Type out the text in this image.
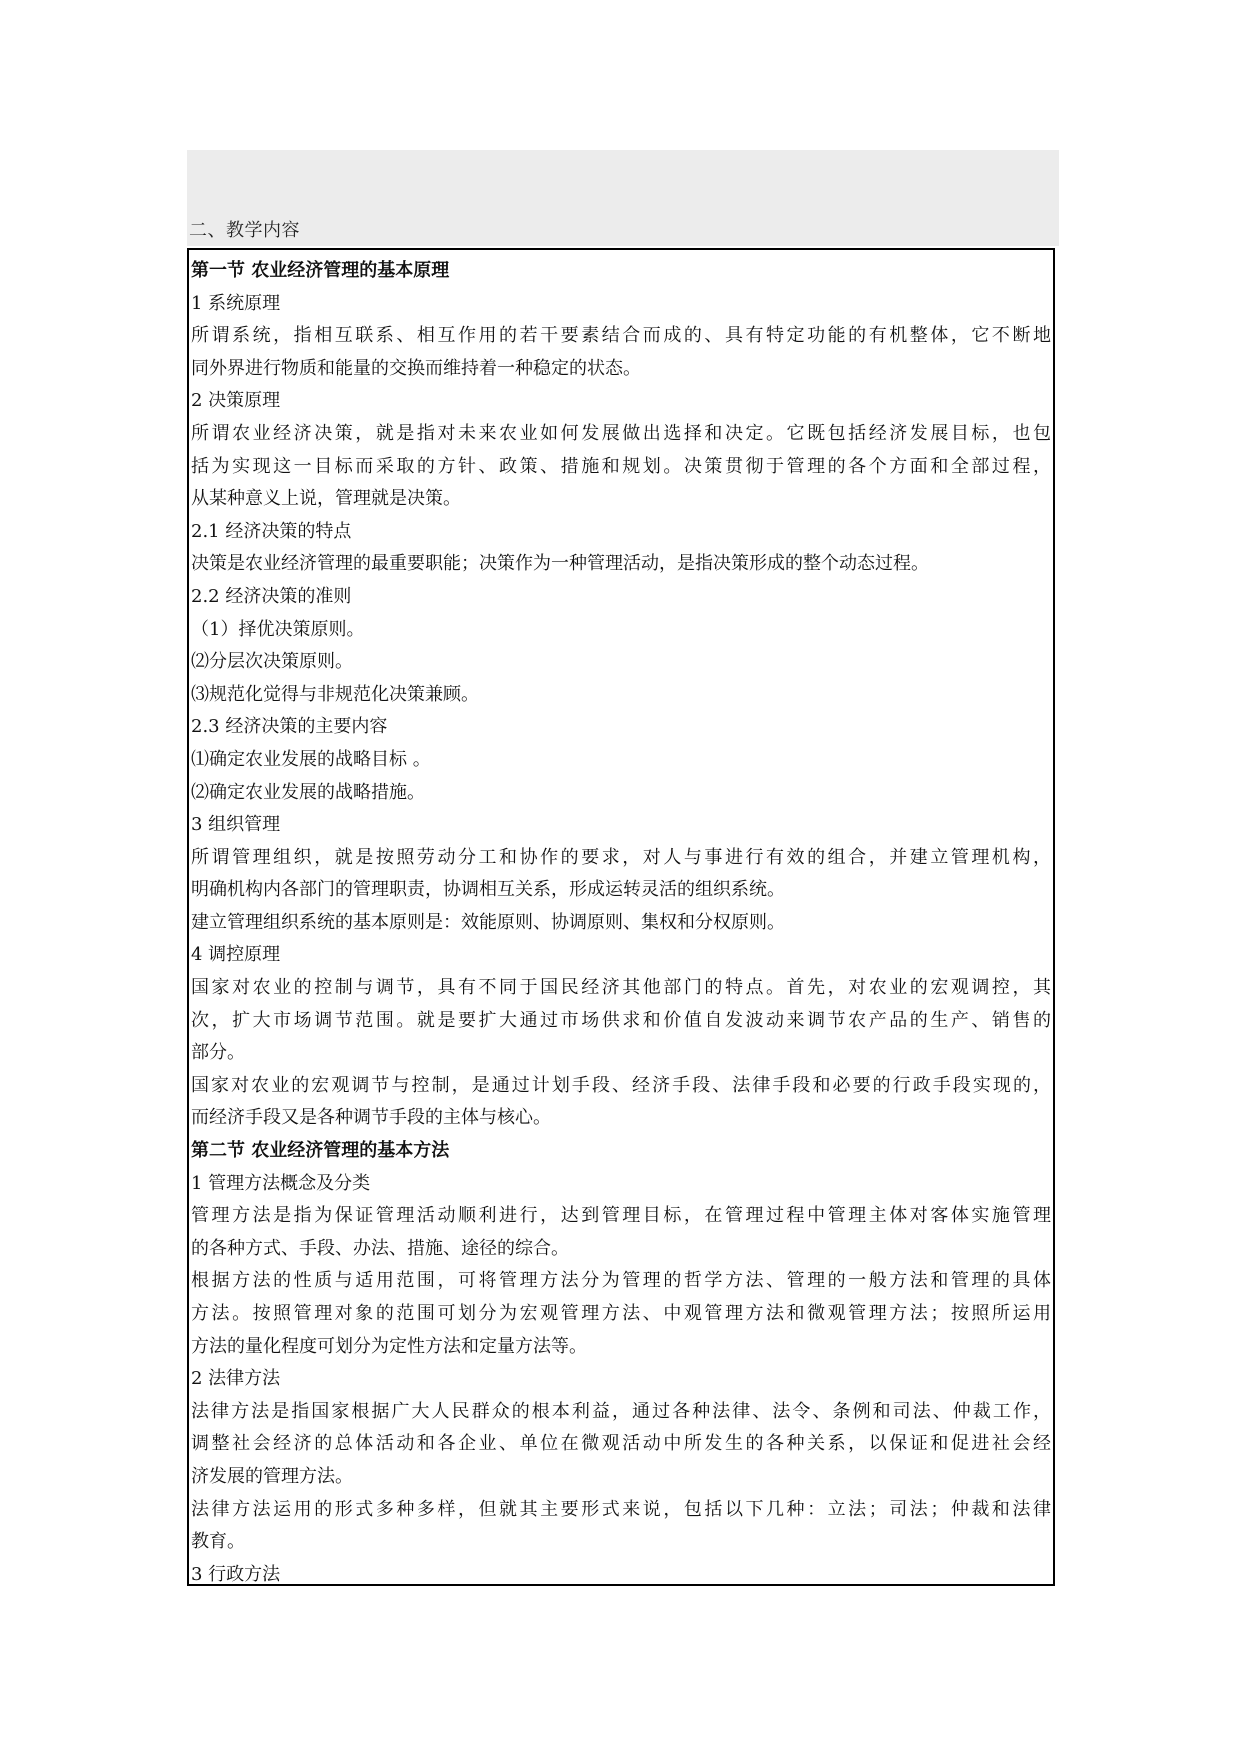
二、教学内容
第一节 农业经济管理的基本原理
1 系统原理
所谓系统，指相互联系、相互作用的若干要素结合而成的、具有特定功能的有机整体，它不断地
同外界进行物质和能量的交换而维持着一种稳定的状态。
2 决策原理
所谓农业经济决策，就是指对未来农业如何发展做出选择和决定。它既包括经济发展目标，也包
括为实现这一目标而采取的方针、政策、措施和规划。决策贯彻于管理的各个方面和全部过程，
从某种意义上说，管理就是决策。
2.1 经济决策的特点
决策是农业经济管理的最重要职能；决策作为一种管理活动，是指决策形成的整个动态过程。
2.2 经济决策的准则
（1）择优决策原则。
⑵分层次决策原则。
⑶规范化觉得与非规范化决策兼顾。
2.3 经济决策的主要内容
⑴确定农业发展的战略目标 。
⑵确定农业发展的战略措施。
3 组织管理
所谓管理组织，就是按照劳动分工和协作的要求，对人与事进行有效的组合，并建立管理机构，
明确机构内各部门的管理职责，协调相互关系，形成运转灵活的组织系统。
建立管理组织系统的基本原则是：效能原则、协调原则、集权和分权原则。
4 调控原理
国家对农业的控制与调节，具有不同于国民经济其他部门的特点。首先，对农业的宏观调控，其
次，扩大市场调节范围。就是要扩大通过市场供求和价值自发波动来调节农产品的生产、销售的
部分。
国家对农业的宏观调节与控制，是通过计划手段、经济手段、法律手段和必要的行政手段实现的，
而经济手段又是各种调节手段的主体与核心。
第二节 农业经济管理的基本方法
1 管理方法概念及分类
管理方法是指为保证管理活动顺利进行，达到管理目标，在管理过程中管理主体对客体实施管理
的各种方式、手段、办法、措施、途径的综合。
根据方法的性质与适用范围，可将管理方法分为管理的哲学方法、管理的一般方法和管理的具体
方法。按照管理对象的范围可划分为宏观管理方法、中观管理方法和微观管理方法；按照所运用
方法的量化程度可划分为定性方法和定量方法等。
2 法律方法
法律方法是指国家根据广大人民群众的根本利益，通过各种法律、法令、条例和司法、仲裁工作，
调整社会经济的总体活动和各企业、单位在微观活动中所发生的各种关系，以保证和促进社会经
济发展的管理方法。
法律方法运用的形式多种多样，但就其主要形式来说，包括以下几种：立法；司法；仲裁和法律
教育。
3 行政方法
